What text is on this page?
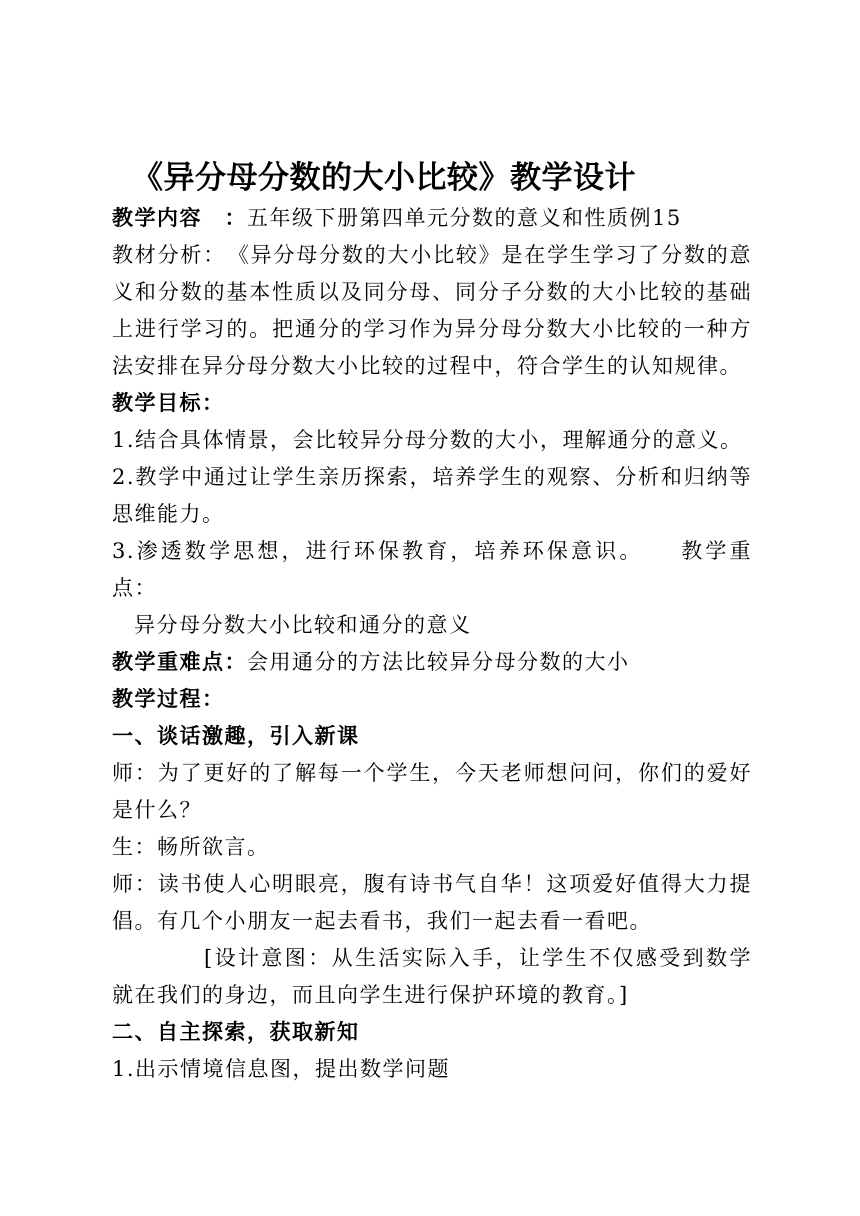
《异分母分数的大小比较》教学设计

教学内容　：五年级下册第四单元分数的意义和性质例15

教材分析：　《异分母分数的大小比较》是在学生学习了分数的意义和分数的基本性质以及同分母、同分子分数的大小比较的基础上进行学习的。把通分的学习作为异分母分数大小比较的一种方法安排在异分母分数大小比较的过程中，符合学生的认知规律。

教学目标：

1.结合具体情景，会比较异分母分数的大小，理解通分的意义。

2.教学中通过让学生亲历探索，培养学生的观察、分析和归纳等思维能力。

3.渗透数学思想，进行环保教育，培养环保意识。　　教学重点：

异分母分数大小比较和通分的意义

教学重难点：会用通分的方法比较异分母分数的大小

教学过程：

一、谈话激趣，引入新课

师：为了更好的了解每一个学生，今天老师想问问，你们的爱好是什么？

生：畅所欲言。

师：读书使人心明眼亮，腹有诗书气自华！这项爱好值得大力提倡。有几个小朋友一起去看书，我们一起去看一看吧。

[设计意图：从生活实际入手，让学生不仅感受到数学就在我们的身边，而且向学生进行保护环境的教育。]

二、自主探索，获取新知

1.出示情境信息图，提出数学问题
